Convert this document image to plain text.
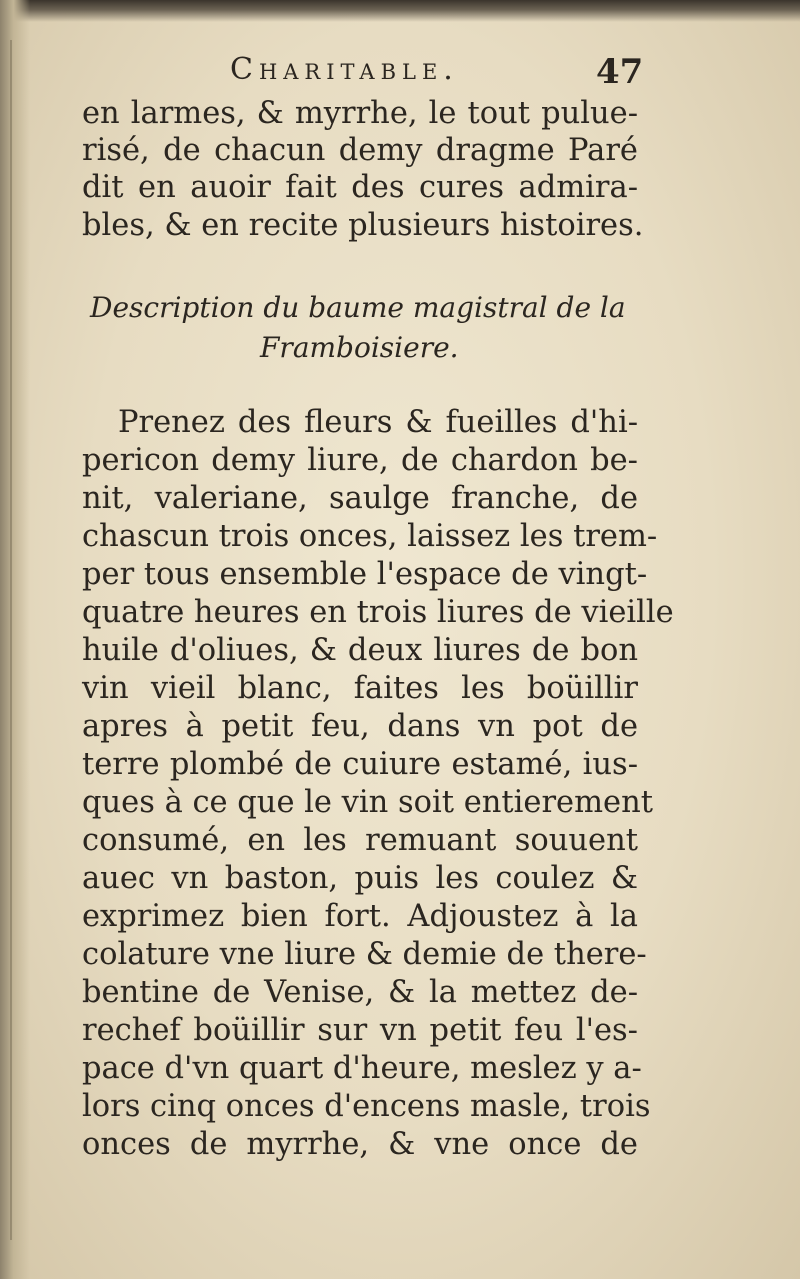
Charitable.	47
en larmes, & myrrhe, le tout pulue-
risé, de chacun demy dragme Paré
dit en auoir fait des cures admira-
bles, & en recite plusieurs histoires.
Description du baume magistral de la
Framboisiere.
Prenez des fleurs & fueilles d'hi-
pericon demy liure, de chardon be-
nit, valeriane, saulge franche, de
chascun trois onces, laissez les trem-
per tous ensemble l'espace de vingt-
quatre heures en trois liures de vieille
huile d'oliues, & deux liures de bon
vin vieil blanc, faites les boüillir
apres à petit feu, dans vn pot de
terre plombé de cuiure estamé, ius-
ques à ce que le vin soit entierement
consumé, en les remuant souuent
auec vn baston, puis les coulez &
exprimez bien fort. Adjoustez à la
colature vne liure & demie de there-
bentine de Venise, & la mettez de-
rechef boüillir sur vn petit feu l'es-
pace d'vn quart d'heure, meslez y a-
lors cinq onces d'encens masle, trois
onces de myrrhe, & vne once de
